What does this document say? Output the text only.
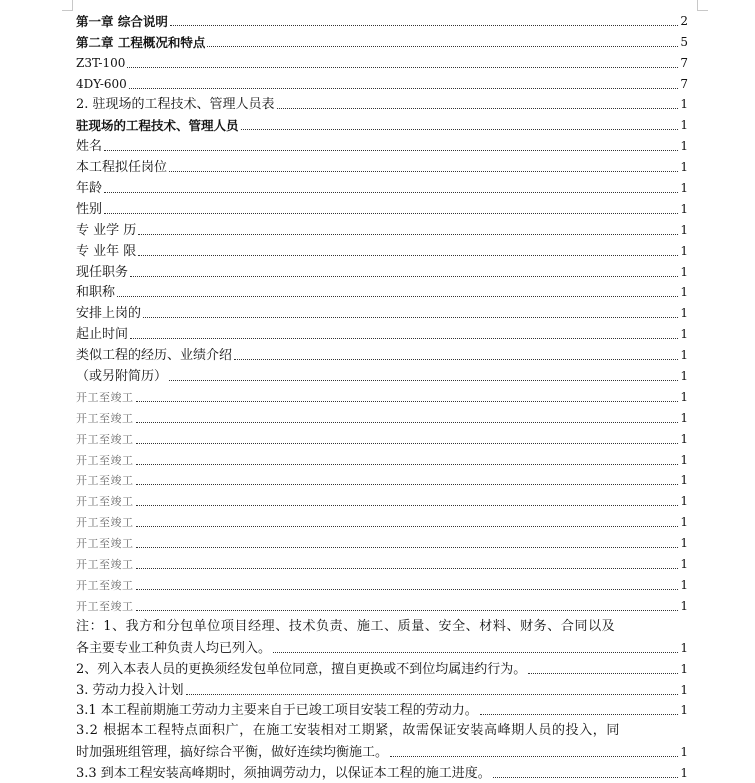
第一章 综合说明	2
第二章 工程概况和特点	5
Z3T-100	7
4DY-600	7
2. 驻现场的工程技术、管理人员表	1
驻现场的工程技术、管理人员	1
姓名	1
本工程拟任岗位	1
年龄	1
性别	1
专 业学 历	1
专 业年 限	1
现任职务	1
和职称	1
安排上岗的	1
起止时间	1
类似工程的经历、业绩介绍	1
（或另附简历）	1
开工至竣工	1
开工至竣工	1
开工至竣工	1
开工至竣工	1
开工至竣工	1
开工至竣工	1
开工至竣工	1
开工至竣工	1
开工至竣工	1
开工至竣工	1
开工至竣工	1
注：1、我方和分包单位项目经理、技术负责、施工、质量、安全、材料、财务、合同以及
各主要专业工种负责人均已列入。	1
2、列入本表人员的更换须经发包单位同意，擅自更换或不到位均属违约行为。	1
3. 劳动力投入计划	1
3.1 本工程前期施工劳动力主要来自于已竣工项目安装工程的劳动力。	1
3.2 根据本工程特点面积广，在施工安装相对工期紧，故需保证安装高峰期人员的投入，同
时加强班组管理，搞好综合平衡，做好连续均衡施工。	1
3.3 到本工程安装高峰期时，须抽调劳动力，以保证本工程的施工进度。	1
